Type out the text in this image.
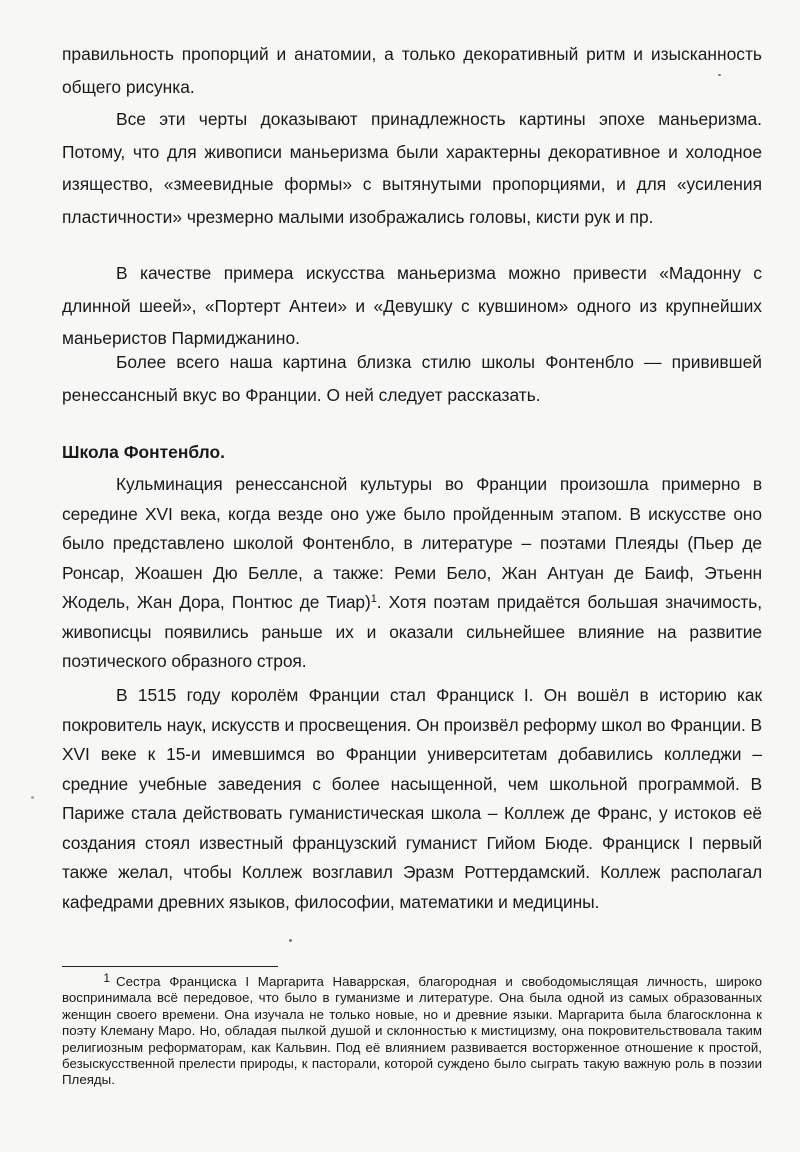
правильность пропорций и анатомии, а только декоративный ритм и изысканность общего рисунка.

Все эти черты доказывают принадлежность картины эпохе маньеризма. Потому, что для живописи маньеризма были характерны декоративное и холодное изящество, «змеевидные формы» с вытянутыми пропорциями, и для «усиления пластичности» чрезмерно малыми изображались головы, кисти рук и пр.

В качестве примера искусства маньеризма можно привести «Мадонну с длинной шеей», «Портерт Антеи» и «Девушку с кувшином» одного из крупнейших маньеристов Пармиджанино.

Более всего наша картина близка стилю школы Фонтенбло — привившей ренессансный вкус во Франции. О ней следует рассказать.

Школа Фонтенбло.

Кульминация ренессансной культуры во Франции произошла примерно в середине XVI века, когда везде оно уже было пройденным этапом. В искусстве оно было представлено школой Фонтенбло, в литературе – поэтами Плеяды (Пьер де Ронсар, Жоашен Дю Белле, а также: Реми Бело, Жан Антуан де Баиф, Этьенн Жодель, Жан Дора, Понтюс де Тиар)$^1$. Хотя поэтам придаётся большая значимость, живописцы появились раньше их и оказали сильнейшее влияние на развитие поэтического образного строя.

В 1515 году королём Франции стал Франциск I. Он вошёл в историю как покровитель наук, искусств и просвещения. Он произвёл реформу школ во Франции. В XVI веке к 15-и имевшимся во Франции университетам добавились колледжи – средние учебные заведения с более насыщенной, чем школьной программой. В Париже стала действовать гуманистическая школа – Коллеж де Франс, у истоков её создания стоял известный французский гуманист Гийом Бюде. Франциск I первый также желал, чтобы Коллеж возглавил Эразм Роттердамский. Коллеж располагал кафедрами древних языков, философии, математики и медицины.

1 Сестра Франциска I Маргарита Наваррская, благородная и свободомыслящая личность, широко воспринимала всё передовое, что было в гуманизме и литературе. Она была одной из самых образованных женщин своего времени. Она изучала не только новые, но и древние языки. Маргарита была благосклонна к поэту Клеману Маро. Но, обладая пылкой душой и склонностью к мистицизму, она покровительствовала таким религиозным реформаторам, как Кальвин. Под её влиянием развивается восторженное отношение к простой, безыскусственной прелести природы, к пасторали, которой суждено было сыграть такую важную роль в поэзии Плеяды.
